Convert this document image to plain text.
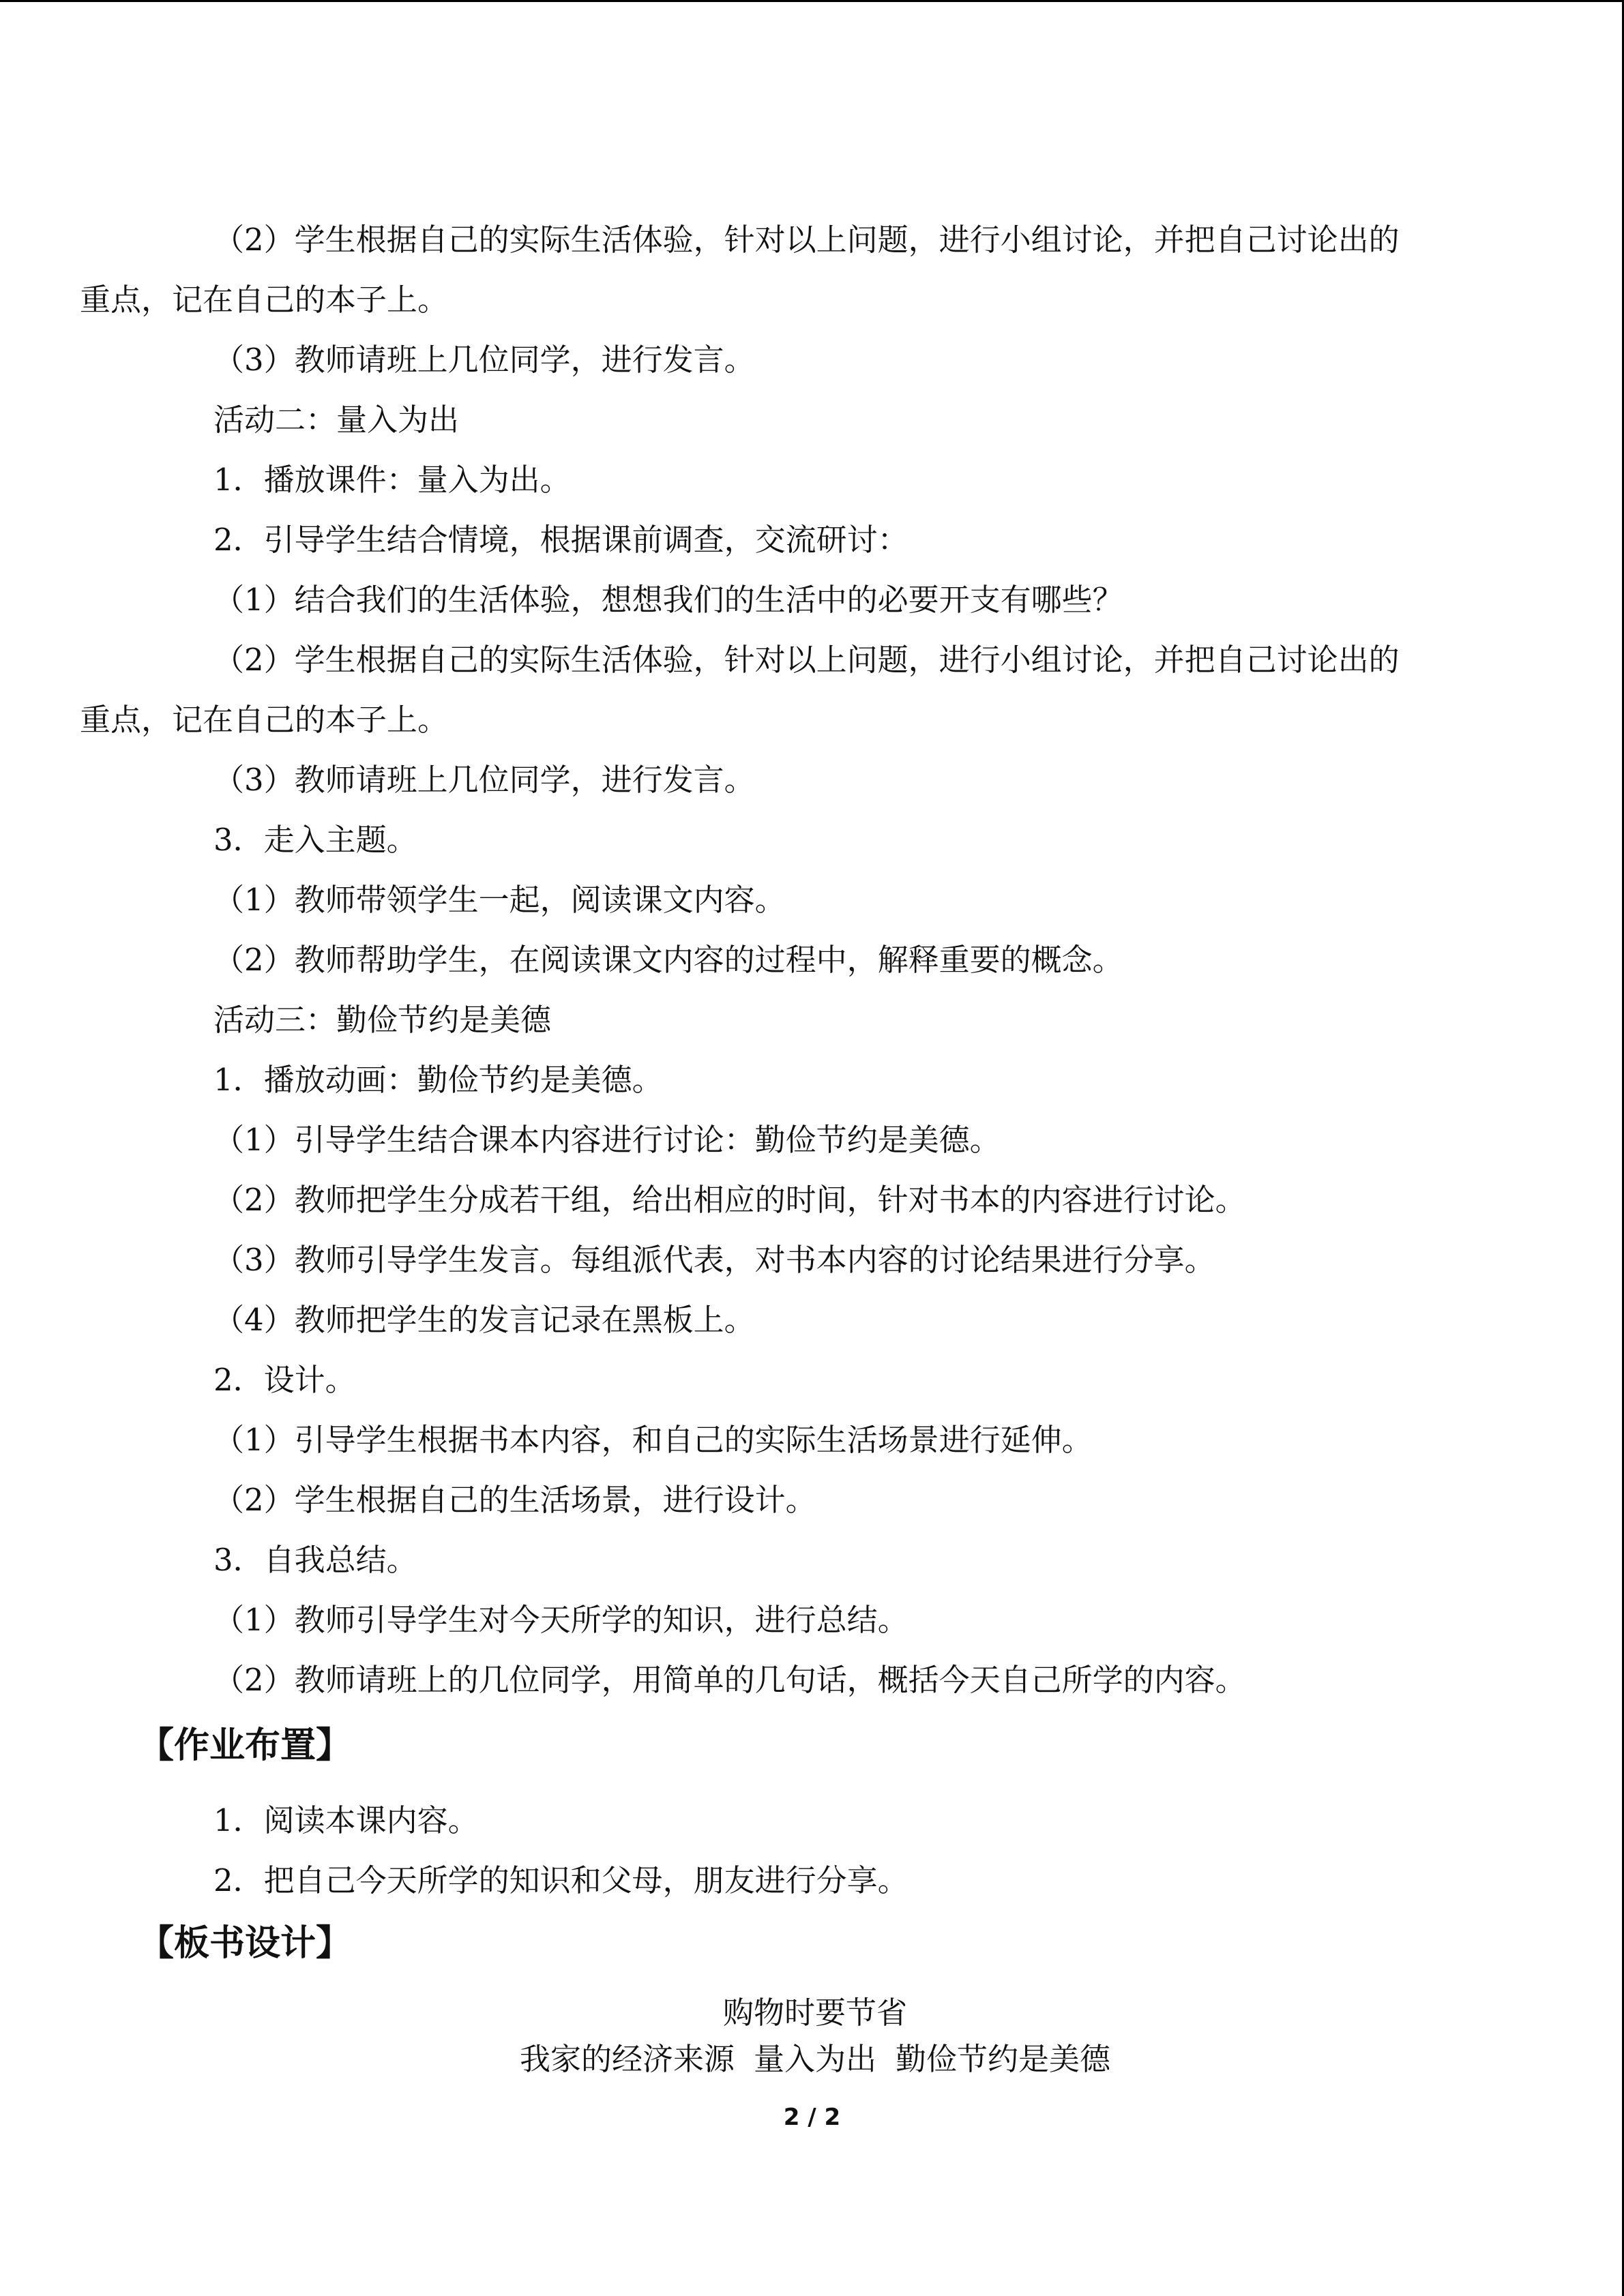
（2）学生根据自己的实际生活体验，针对以上问题，进行小组讨论，并把自己讨论出的
重点，记在自己的本子上。
（3）教师请班上几位同学，进行发言。
活动二：量入为出
1．播放课件：量入为出。
2．引导学生结合情境，根据课前调查，交流研讨：
（1）结合我们的生活体验，想想我们的生活中的必要开支有哪些？
（2）学生根据自己的实际生活体验，针对以上问题，进行小组讨论，并把自己讨论出的
重点，记在自己的本子上。
（3）教师请班上几位同学，进行发言。
3．走入主题。
（1）教师带领学生一起，阅读课文内容。
（2）教师帮助学生，在阅读课文内容的过程中，解释重要的概念。
活动三：勤俭节约是美德
1．播放动画：勤俭节约是美德。
（1）引导学生结合课本内容进行讨论：勤俭节约是美德。
（2）教师把学生分成若干组，给出相应的时间，针对书本的内容进行讨论。
（3）教师引导学生发言。每组派代表，对书本内容的讨论结果进行分享。
（4）教师把学生的发言记录在黑板上。
2．设计。
（1）引导学生根据书本内容，和自己的实际生活场景进行延伸。
（2）学生根据自己的生活场景，进行设计。
3．自我总结。
（1）教师引导学生对今天所学的知识，进行总结。
（2）教师请班上的几位同学，用简单的几句话，概括今天自己所学的内容。
【作业布置】
1．阅读本课内容。
2．把自己今天所学的知识和父母，朋友进行分享。
【板书设计】
购物时要节省
我家的经济来源 量入为出 勤俭节约是美德
2 / 2
